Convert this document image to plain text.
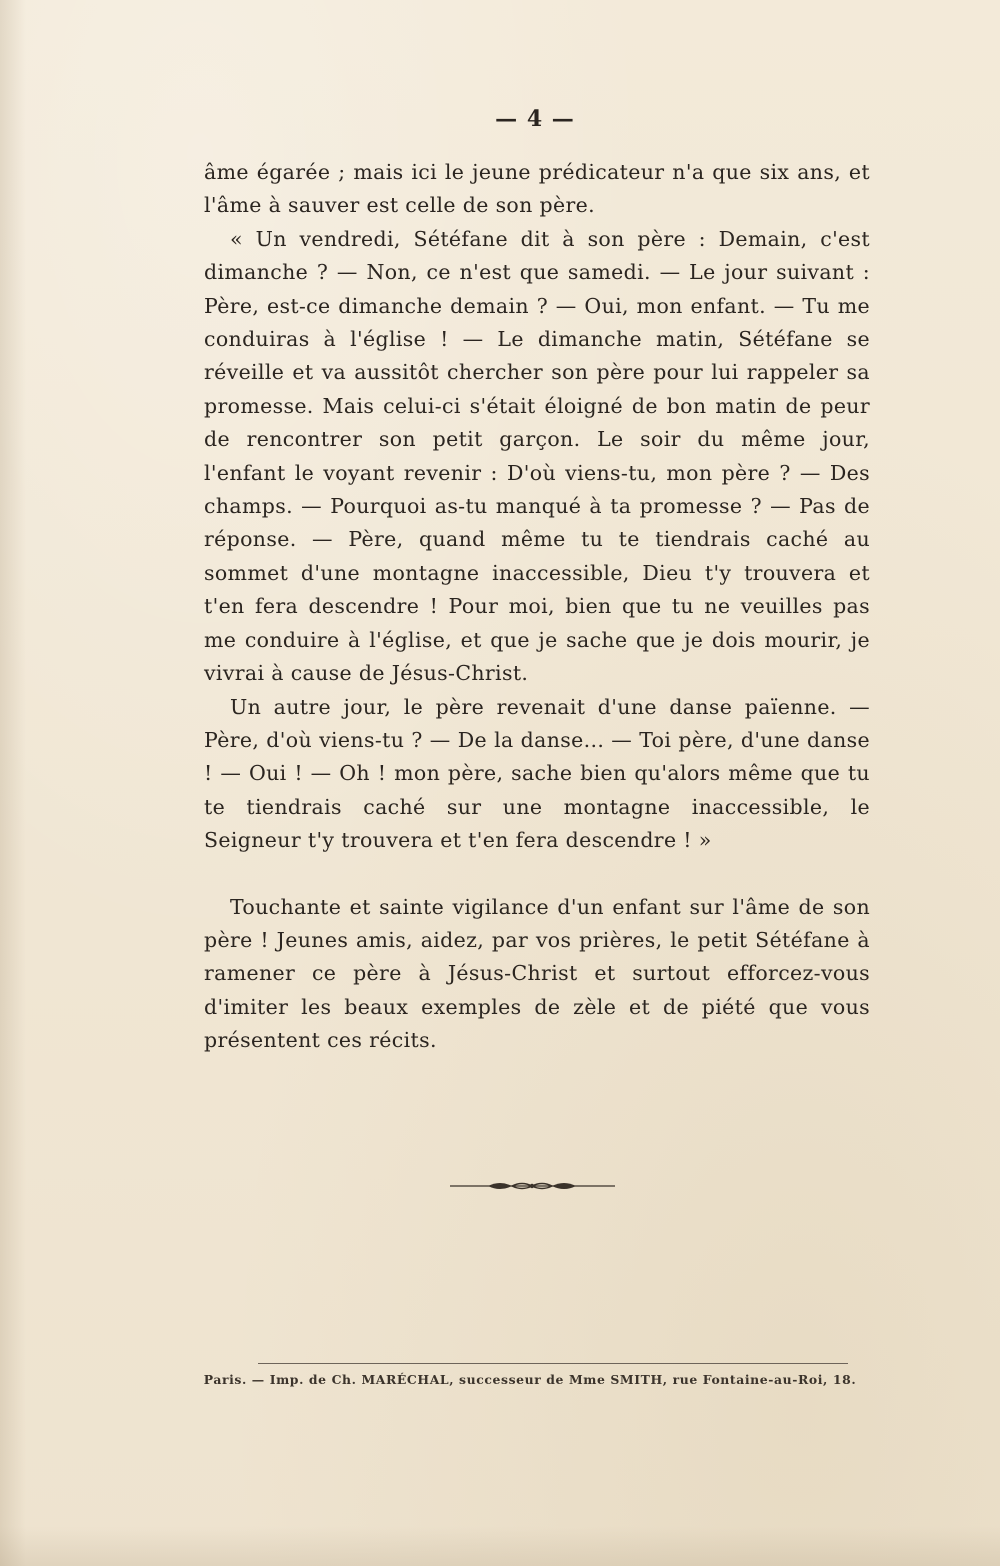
— 4 —

âme égarée ; mais ici le jeune prédicateur n'a que six ans, et l'âme à sauver est celle de son père.

« Un vendredi, Sétéfane dit à son père : Demain, c'est dimanche ? — Non, ce n'est que samedi. — Le jour suivant : Père, est-ce dimanche demain ? — Oui, mon enfant. — Tu me conduiras à l'église ! — Le dimanche matin, Sétéfane se réveille et va aussitôt chercher son père pour lui rappeler sa promesse. Mais celui-ci s'était éloigné de bon matin de peur de rencontrer son petit garçon. Le soir du même jour, l'enfant le voyant revenir : D'où viens-tu, mon père ? — Des champs. — Pourquoi as-tu manqué à ta promesse ? — Pas de réponse. — Père, quand même tu te tiendrais caché au sommet d'une montagne inaccessible, Dieu t'y trouvera et t'en fera descendre ! Pour moi, bien que tu ne veuilles pas me conduire à l'église, et que je sache que je dois mourir, je vivrai à cause de Jésus-Christ.

Un autre jour, le père revenait d'une danse païenne. — Père, d'où viens-tu ? — De la danse... — Toi père, d'une danse ! — Oui ! — Oh ! mon père, sache bien qu'alors même que tu te tiendrais caché sur une montagne inaccessible, le Seigneur t'y trouvera et t'en fera descendre ! »

Touchante et sainte vigilance d'un enfant sur l'âme de son père ! Jeunes amis, aidez, par vos prières, le petit Sétéfane à ramener ce père à Jésus-Christ et surtout efforcez-vous d'imiter les beaux exemples de zèle et de piété que vous présentent ces récits.

Paris. — Imp. de Ch. MARÉCHAL, successeur de Mme SMITH, rue Fontaine-au-Roi, 18.
